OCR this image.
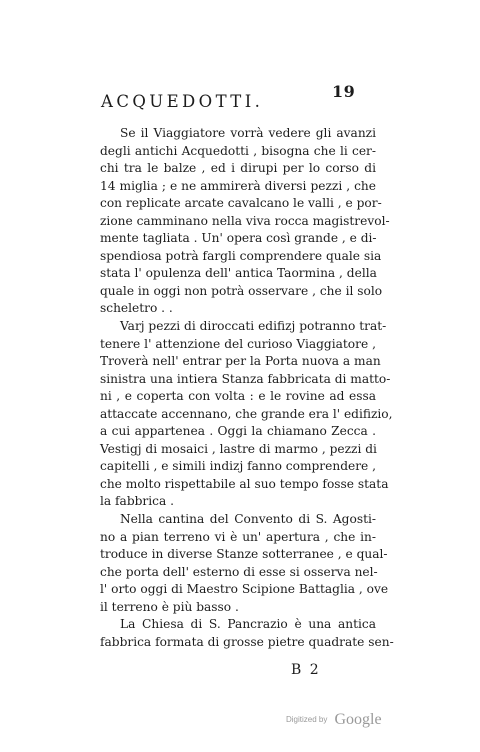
19
ACQUEDOTTI.
Se il Viaggiatore vorrà vedere gli avanzi
degli antichi Acquedotti , bisogna che li cer-
chi tra le balze , ed i dirupi per lo corso di
14 miglia ; e ne ammirerà diversi pezzi , che
con replicate arcate cavalcano le valli , e por-
zione camminano nella viva rocca magistrevol-
mente tagliata . Un' opera così grande , e di-
spendiosa potrà fargli comprendere quale sia
stata l' opulenza dell' antica Taormina , della
quale in oggi non potrà osservare , che il solo
scheletro . .
Varj pezzi di diroccati edifizj potranno trat-
tenere l' attenzione del curioso Viaggiatore ,
Troverà nell' entrar per la Porta nuova a man
sinistra una intiera Stanza fabbricata di matto-
ni , e coperta con volta : e le rovine ad essa
attaccate accennano, che grande era l' edifizio,
a cui appartenea . Oggi la chiamano Zecca .
Vestigj di mosaici , lastre di marmo , pezzi di
capitelli , e simili indizj fanno comprendere ,
che molto rispettabile al suo tempo fosse stata
la fabbrica .
Nella cantina del Convento di S. Agosti-
no a pian terreno vi è un' apertura , che in-
troduce in diverse Stanze sotterranee , e qual-
che porta dell' esterno di esse si osserva nel-
l' orto oggi di Maestro Scipione Battaglia , ove
il terreno è più basso .
La Chiesa di S. Pancrazio è una antica
fabbrica formata di grosse pietre quadrate sen-
B 2
Digitized by Google
